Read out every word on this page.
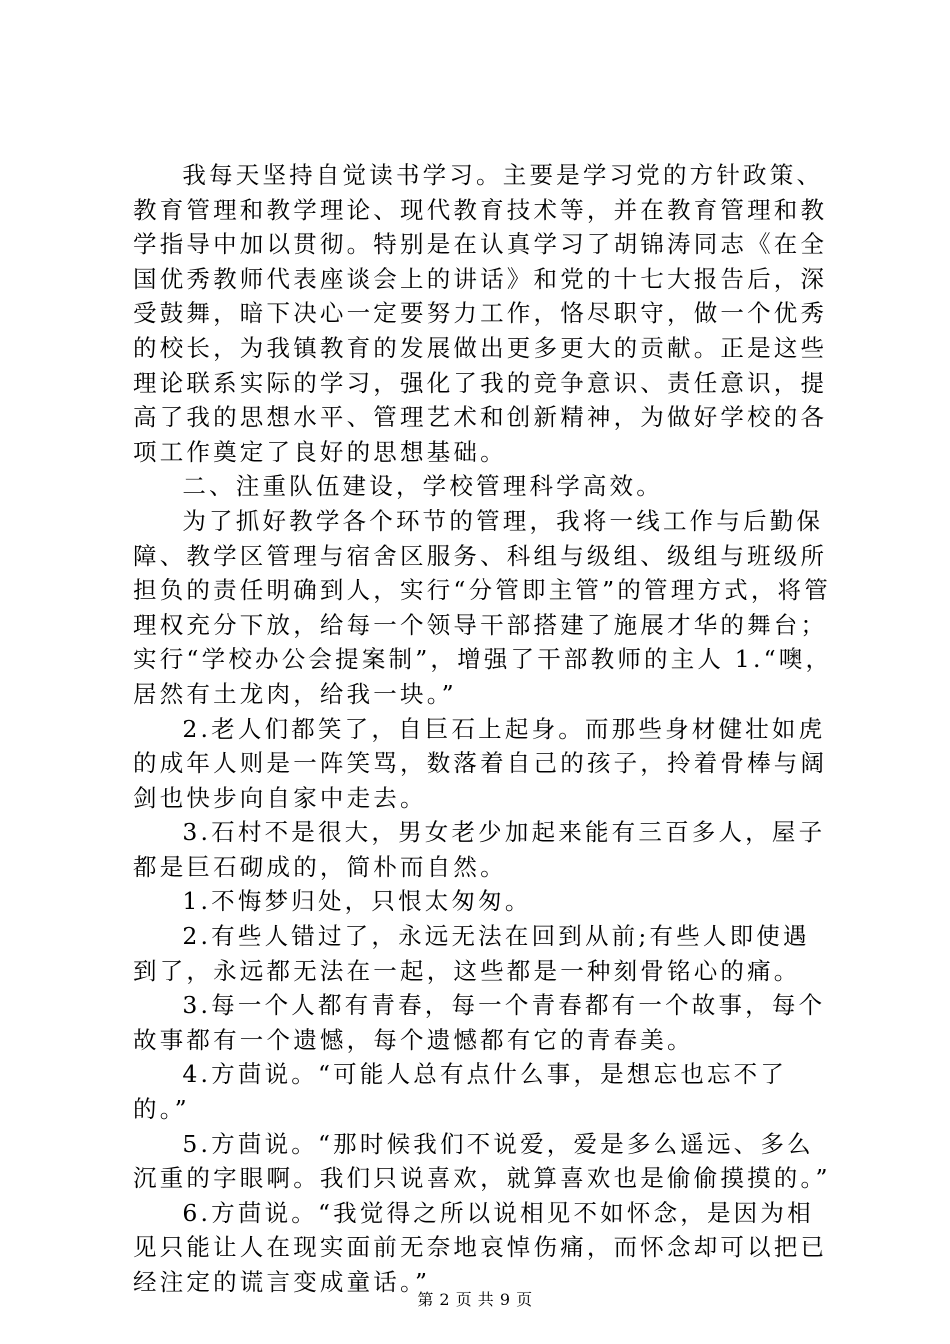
我每天坚持自觉读书学习。主要是学习党的方针政策、教育管理和教学理论、现代教育技术等，并在教育管理和教学指导中加以贯彻。特别是在认真学习了胡锦涛同志《在全国优秀教师代表座谈会上的讲话》和党的十七大报告后，深受鼓舞，暗下决心一定要努力工作，恪尽职守，做一个优秀的校长，为我镇教育的发展做出更多更大的贡献。正是这些理论联系实际的学习，强化了我的竞争意识、责任意识，提高了我的思想水平、管理艺术和创新精神，为做好学校的各项工作奠定了良好的思想基础。

二、注重队伍建设，学校管理科学高效。

为了抓好教学各个环节的管理，我将一线工作与后勤保障、教学区管理与宿舍区服务、科组与级组、级组与班级所担负的责任明确到人，实行“分管即主管”的管理方式，将管理权充分下放，给每一个领导干部搭建了施展才华的舞台；实行“学校办公会提案制”，增强了干部教师的主人 1.“噢，居然有土龙肉，给我一块。”

2.老人们都笑了，自巨石上起身。而那些身材健壮如虎的成年人则是一阵笑骂，数落着自己的孩子，拎着骨棒与阔剑也快步向自家中走去。

3.石村不是很大，男女老少加起来能有三百多人，屋子都是巨石砌成的，简朴而自然。

1.不悔梦归处，只恨太匆匆。

2.有些人错过了，永远无法在回到从前;有些人即使遇到了，永远都无法在一起，这些都是一种刻骨铭心的痛。

3.每一个人都有青春，每一个青春都有一个故事，每个故事都有一个遗憾，每个遗憾都有它的青春美。

4.方茴说。“可能人总有点什么事，是想忘也忘不了的。”

5.方茴说。“那时候我们不说爱，爱是多么遥远、多么沉重的字眼啊。我们只说喜欢，就算喜欢也是偷偷摸摸的。”

6.方茴说。“我觉得之所以说相见不如怀念，是因为相见只能让人在现实面前无奈地哀悼伤痛，而怀念却可以把已经注定的谎言变成童话。”

第 2 页 共 9 页
